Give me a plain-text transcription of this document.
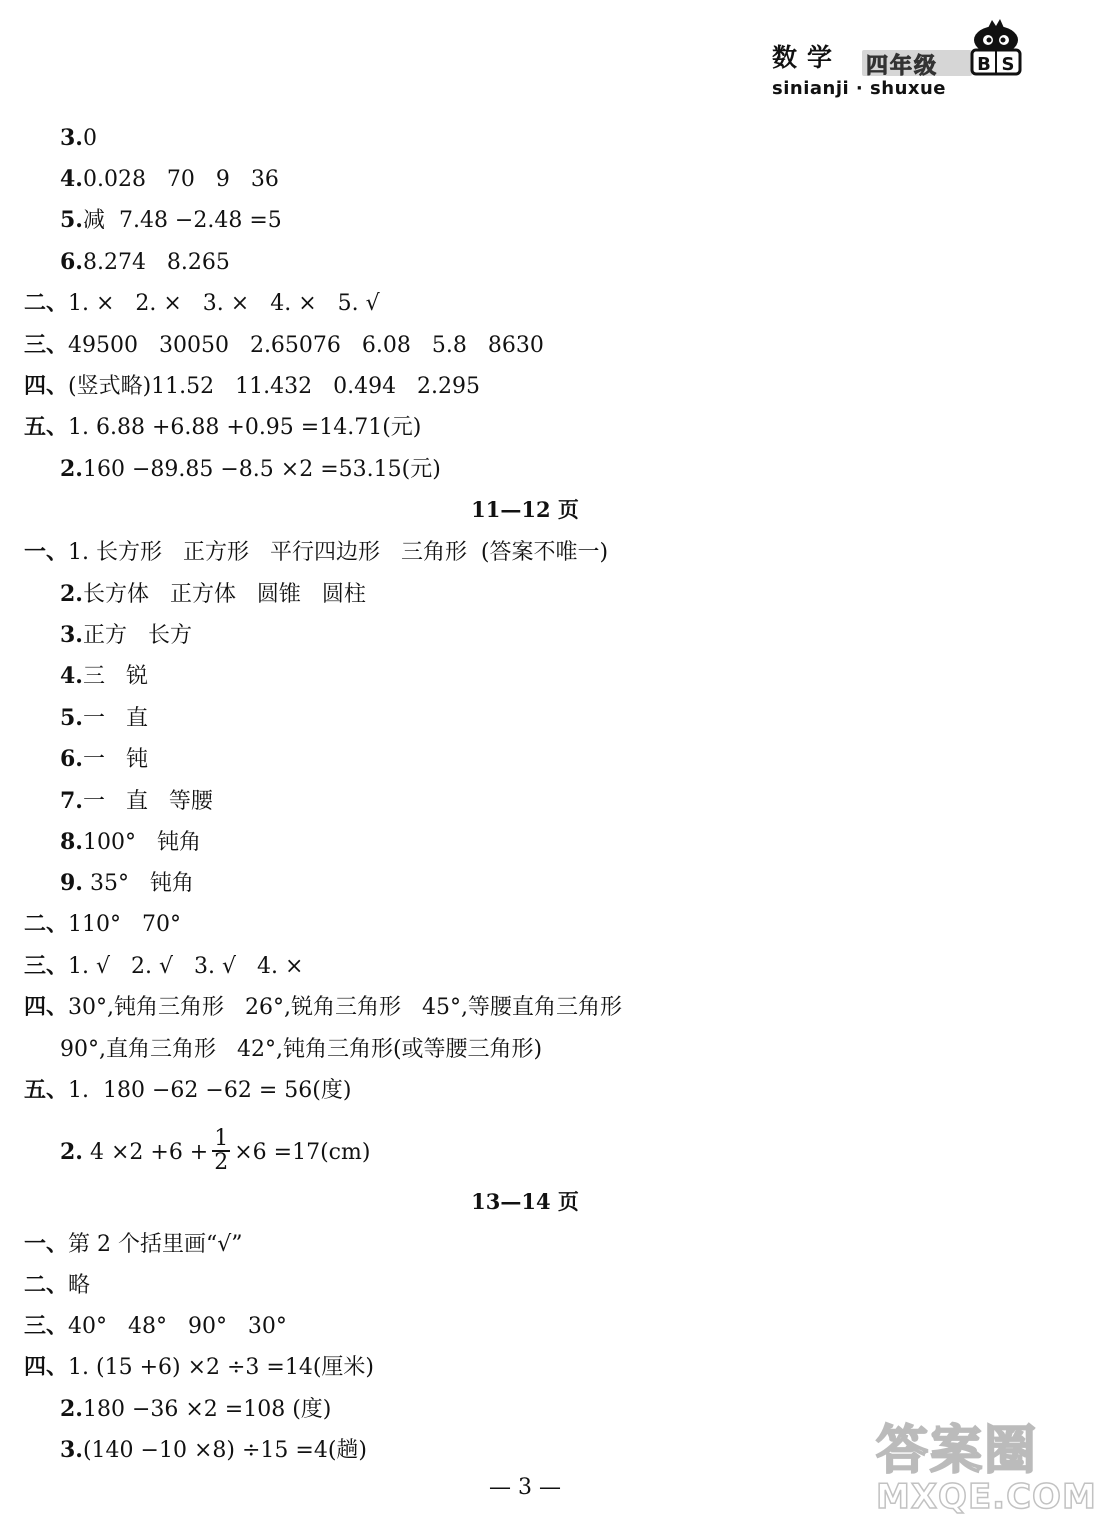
数学 四年级
sinianji · shuxue
B S
3.0
4.0.028   70   9   36
5.减  7.48 −2.48 =5
6.8.274   8.265
二、1. ×   2. ×   3. ×   4. ×   5. √
三、49500   30050   2.65076   6.08   5.8   8630
四、(竖式略)11.52   11.432   0.494   2.295
五、1. 6.88 +6.88 +0.95 =14.71(元)
2.160 −89.85 −8.5 ×2 =53.15(元)
11—12 页
一、1. 长方形   正方形   平行四边形   三角形  (答案不唯一)
2.长方体   正方体   圆锥   圆柱
3.正方   长方
4.三   锐
5.一   直
6.一   钝
7.一   直   等腰
8.100°   钝角
9. 35°   钝角
二、110°   70°
三、1. √   2. √   3. √   4. ×
四、30°,钝角三角形   26°,锐角三角形   45°,等腰直角三角形
90°,直角三角形   42°,钝角三角形(或等腰三角形)
五、1.  180 −62 −62 = 56(度)
2. $4 \times 2 +6 + \frac{1}{2} \times 6 =17(cm)$
13—14 页
一、第 2 个括里画“√”
二、略
三、40°   48°   90°   30°
四、1. (15 +6) ×2 ÷3 =14(厘米)
2.180 −36 ×2 =108 (度)
3.(140 −10 ×8) ÷15 =4(趟)
— 3 —
答案圈
MXQE.COM
